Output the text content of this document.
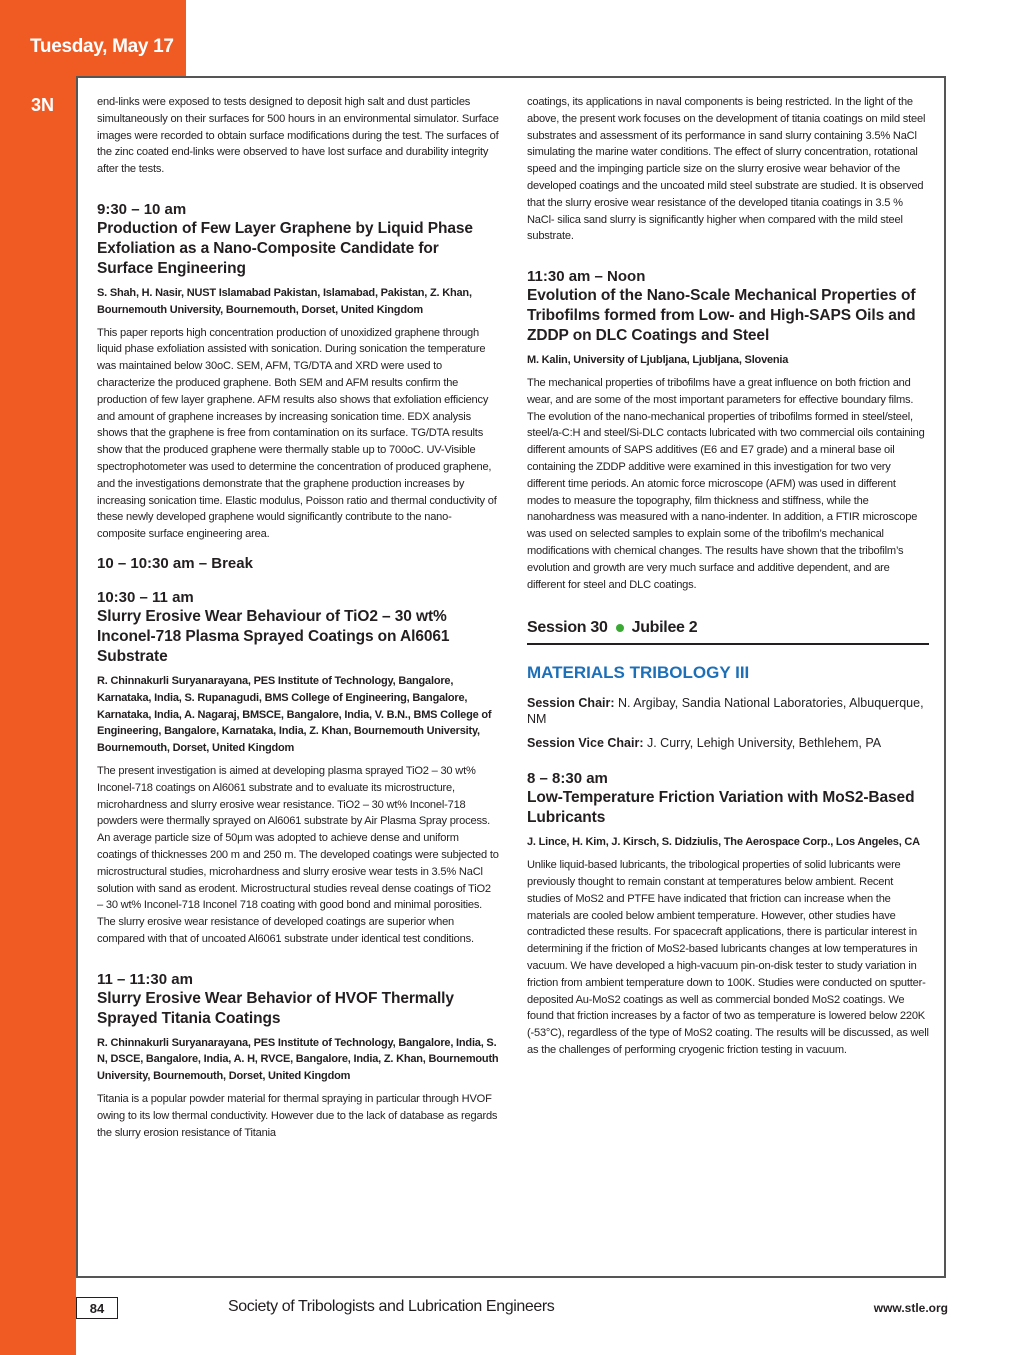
Tuesday, May 17
3N	end-links were exposed to tests designed to deposit high salt and dust particles simultaneously on their surfaces for 500 hours in an environmental simulator. Surface images were recorded to obtain surface modifications during the test. The surfaces of the zinc coated end-links were observed to have lost surface and durability integrity after the tests.

9:30 – 10 am
Production of Few Layer Graphene by Liquid Phase Exfoliation as a Nano-Composite Candidate for Surface Engineering
S. Shah, H. Nasir, NUST Islamabad Pakistan, Islamabad, Pakistan, Z. Khan, Bournemouth University, Bournemouth, Dorset, United Kingdom

This paper reports high concentration production of unoxidized graphene through liquid phase exfoliation assisted with sonication. During sonication the temperature was maintained below 30oC. SEM, AFM, TG/DTA and XRD were used to characterize the produced graphene. Both SEM and AFM results confirm the production of few layer graphene. AFM results also shows that exfoliation efficiency and amount of graphene increases by increasing sonication time. EDX analysis shows that the graphene is free from contamination on its surface. TG/DTA results show that the produced graphene were thermally stable up to 700oC. UV-Visible spectrophotometer was used to determine the concentration of produced graphene, and the investigations demonstrate that the graphene production increases by increasing sonication time. Elastic modulus, Poisson ratio and thermal conductivity of these newly developed graphene would significantly contribute to the nano-composite surface engineering area.

10 – 10:30 am – Break
10:30 – 11 am
Slurry Erosive Wear Behaviour of TiO2 – 30 wt% Inconel-718 Plasma Sprayed Coatings on Al6061 Substrate
R. Chinnakurli Suryanarayana, PES Institute of Technology, Bangalore, Karnataka, India, S. Rupanagudi, BMS College of Engineering, Bangalore, Karnataka, India, A. Nagaraj, BMSCE, Bangalore, India, V. B.N., BMS College of Engineering, Bangalore, Karnataka, India, Z. Khan, Bournemouth University, Bournemouth, Dorset, United Kingdom

The present investigation is aimed at developing plasma sprayed TiO2 – 30 wt% Inconel-718 coatings on Al6061 substrate and to evaluate its microstructure, microhardness and slurry erosive wear resistance. TiO2 – 30 wt% Inconel-718 powders were thermally sprayed on Al6061 substrate by Air Plasma Spray process. An average particle size of 50μm was adopted to achieve dense and uniform coatings of thicknesses 200 m and 250 m. The developed coatings were subjected to microstructural studies, microhardness and slurry erosive wear tests in 3.5% NaCl solution with sand as erodent. Microstructural studies reveal dense coatings of TiO2 – 30 wt% Inconel-718 Inconel 718 coating with good bond and minimal porosities. The slurry erosive wear resistance of developed coatings are superior when compared with that of uncoated Al6061 substrate under identical test conditions.

11 – 11:30 am
Slurry Erosive Wear Behavior of HVOF Thermally Sprayed Titania Coatings
R. Chinnakurli Suryanarayana, PES Institute of Technology, Bangalore, India, S. N, DSCE, Bangalore, India, A. H, RVCE, Bangalore, India, Z. Khan, Bournemouth University, Bournemouth, Dorset, United Kingdom

Titania is a popular powder material for thermal spraying in particular through HVOF owing to its low thermal conductivity. However due to the lack of database as regards the slurry erosion resistance of Titania

coatings, its applications in naval components is being restricted. In the light of the above, the present work focuses on the development of titania coatings on mild steel substrates and assessment of its performance in sand slurry containing 3.5% NaCl simulating the marine water conditions. The effect of slurry concentration, rotational speed and the impinging particle size on the slurry erosive wear behavior of the developed coatings and the uncoated mild steel substrate are studied. It is observed that the slurry erosive wear resistance of the developed titania coatings in 3.5 % NaCl- silica sand slurry is significantly higher when compared with the mild steel substrate.

11:30 am – Noon
Evolution of the Nano-Scale Mechanical Properties of Tribofilms formed from Low- and High-SAPS Oils and ZDDP on DLC Coatings and Steel
M. Kalin, University of Ljubljana, Ljubljana, Slovenia

The mechanical properties of tribofilms have a great influence on both friction and wear, and are some of the most important parameters for effective boundary films. The evolution of the nano-mechanical properties of tribofilms formed in steel/steel, steel/a-C:H and steel/Si-DLC contacts lubricated with two commercial oils containing different amounts of SAPS additives (E6 and E7 grade) and a mineral base oil containing the ZDDP additive were examined in this investigation for two very different time periods. An atomic force microscope (AFM) was used in different modes to measure the topography, film thickness and stiffness, while the nanohardness was measured with a nano-indenter. In addition, a FTIR microscope was used on selected samples to explain some of the tribofilm’s mechanical modifications with chemical changes. The results have shown that the tribofilm’s evolution and growth are very much surface and additive dependent, and are different for steel and DLC coatings.

Session 30 Jubilee 2
MATERIALS TRIBOLOGY III
Session Chair: N. Argibay, Sandia National Laboratories, Albuquerque, NM
Session Vice Chair: J. Curry, Lehigh University, Bethlehem, PA
8 – 8:30 am
Low-Temperature Friction Variation with MoS2-Based Lubricants
J. Lince, H. Kim, J. Kirsch, S. Didziulis, The Aerospace Corp., Los Angeles, CA

Unlike liquid-based lubricants, the tribological properties of solid lubricants were previously thought to remain constant at temperatures below ambient. Recent studies of MoS2 and PTFE have indicated that friction can increase when the materials are cooled below ambient temperature. However, other studies have contradicted these results. For spacecraft applications, there is particular interest in determining if the friction of MoS2-based lubricants changes at low temperatures in vacuum. We have developed a high-vacuum pin-on-disk tester to study variation in friction from ambient temperature down to 100K. Studies were conducted on sputter-deposited Au-MoS2 coatings as well as commercial bonded MoS2 coatings. We found that friction increases by a factor of two as temperature is lowered below 220K (-53°C), regardless of the type of MoS2 coating. The results will be discussed, as well as the challenges of performing cryogenic friction testing in vacuum.

84	Society of Tribologists and Lubrication Engineers	www.stle.org
